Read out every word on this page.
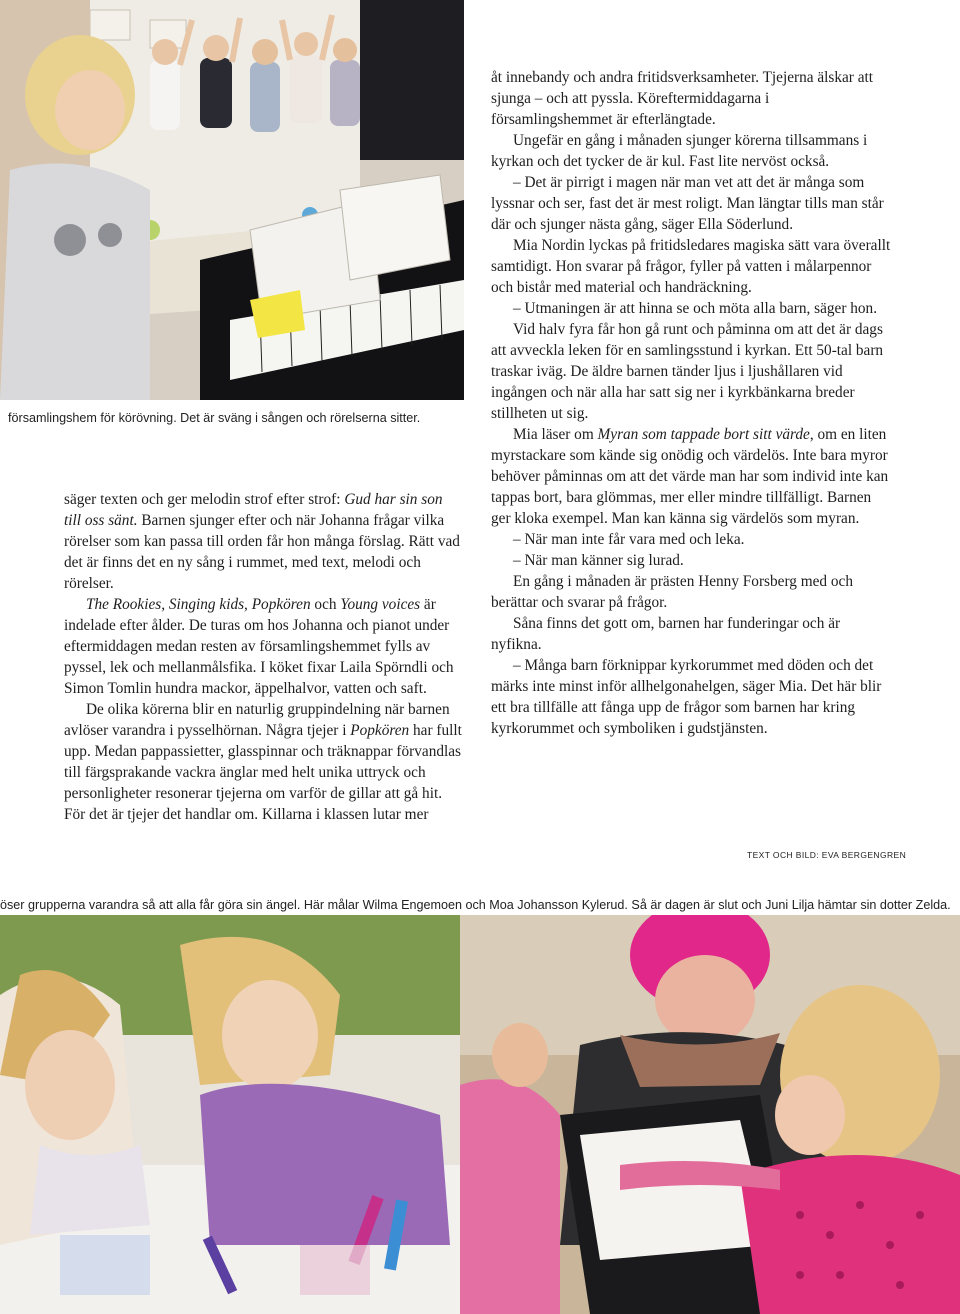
församlingshem för körövning. Det är sväng i sången och rörelserna sitter.

säger texten och ger melodin strof efter strof: Gud har sin son till oss sänt. Barnen sjunger efter och när Johanna frågar vilka rörelser som kan passa till orden får hon många förslag. Rätt vad det är finns det en ny sång i rummet, med text, melodi och rörelser.

The Rookies, Singing kids, Popkören och Young voices är indelade efter ålder. De turas om hos Johanna och pianot under eftermiddagen medan resten av församlingshemmet fylls av pyssel, lek och mellanmålsfika. I köket fixar Laila Spörndli och Simon Tomlin hundra mackor, äppelhalvor, vatten och saft.

De olika körerna blir en naturlig gruppindelning när barnen avlöser varandra i pysselhörnan. Några tjejer i Popkören har fullt upp. Medan pappassietter, glasspinnar och träknappar förvandlas till färgsprakande vackra änglar med helt unika uttryck och personligheter resonerar tjejerna om varför de gillar att gå hit. För det är tjejer det handlar om. Killarna i klassen lutar mer

åt innebandy och andra fritidsverksamheter. Tjejerna älskar att sjunga – och att pyssla. Köreftermiddagarna i församlingshemmet är efterlängtade.

Ungefär en gång i månaden sjunger körerna tillsammans i kyrkan och det tycker de är kul. Fast lite nervöst också.

– Det är pirrigt i magen när man vet att det är många som lyssnar och ser, fast det är mest roligt. Man längtar tills man står där och sjunger nästa gång, säger Ella Söderlund.

Mia Nordin lyckas på fritidsledares magiska sätt vara överallt samtidigt. Hon svarar på frågor, fyller på vatten i målarpennor och bistår med material och handräckning.

– Utmaningen är att hinna se och möta alla barn, säger hon.

Vid halv fyra får hon gå runt och påminna om att det är dags att avveckla leken för en samlingsstund i kyrkan. Ett 50-tal barn traskar iväg. De äldre barnen tänder ljus i ljushållaren vid ingången och när alla har satt sig ner i kyrkbänkarna breder stillheten ut sig.

Mia läser om Myran som tappade bort sitt värde, om en liten myrstackare som kände sig onödig och värdelös. Inte bara myror behöver påminnas om att det värde man har som individ inte kan tappas bort, bara glömmas, mer eller mindre tillfälligt. Barnen ger kloka exempel. Man kan känna sig värdelös som myran.

– När man inte får vara med och leka.

– När man känner sig lurad.

En gång i månaden är prästen Henny Forsberg med och berättar och svarar på frågor.

Såna finns det gott om, barnen har funderingar och är nyfikna.

– Många barn förknippar kyrkorummet med döden och det märks inte minst inför allhelgonahelgen, säger Mia. Det här blir ett bra tillfälle att fånga upp de frågor som barnen har kring kyrkorummet och symboliken i gudstjänsten.

TEXT OCH BILD: EVA BERGENGREN
öser grupperna varandra så att alla får göra sin ängel. Här målar Wilma Engemoen och Moa Johansson Kylerud. Så är dagen är slut och Juni Lilja hämtar sin dotter Zelda.
